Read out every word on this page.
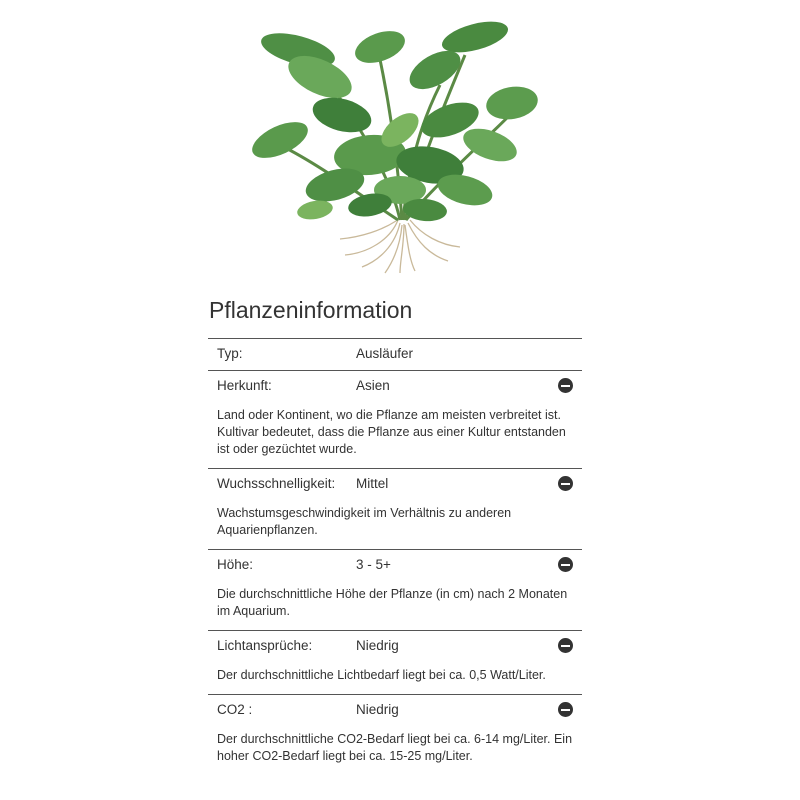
Pflanzeninformation
Typ:	Ausläufer
Herkunft:	Asien

Land oder Kontinent, wo die Pflanze am meisten verbreitet ist. Kultivar bedeutet, dass die Pflanze aus einer Kultur entstanden ist oder gezüchtet wurde.

Wuchsschnelligkeit: Mittel

Wachstumsgeschwindigkeit im Verhältnis zu anderen Aquarienpflanzen.

Höhe:	3 - 5+

Die durchschnittliche Höhe der Pflanze (in cm) nach 2 Monaten im Aquarium.

Lichtansprüche:	Niedrig

Der durchschnittliche Lichtbedarf liegt bei ca. 0,5 Watt/Liter.

CO2 :	Niedrig

Der durchschnittliche CO2-Bedarf liegt bei ca. 6-14 mg/Liter. Ein hoher CO2-Bedarf liegt bei ca. 15-25 mg/Liter.
